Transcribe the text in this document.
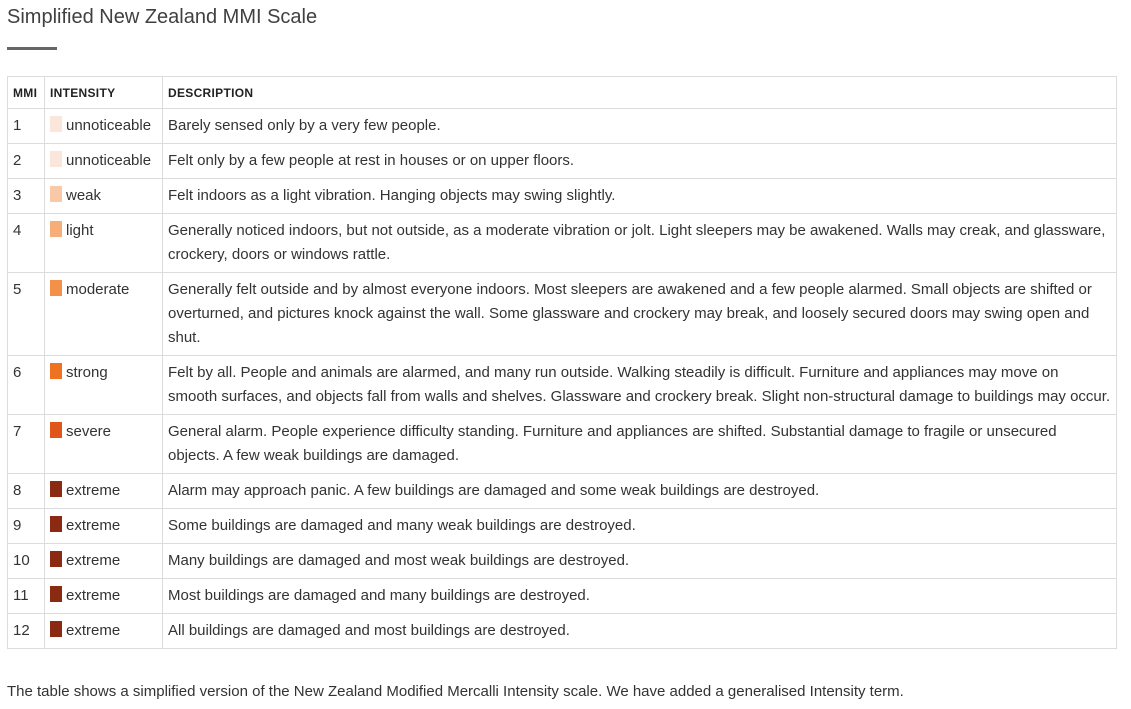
Simplified New Zealand MMI Scale
MMI	INTENSITY	DESCRIPTION
1	unnoticeable	Barely sensed only by a very few people.
2	unnoticeable	Felt only by a few people at rest in houses or on upper floors.
3	weak	Felt indoors as a light vibration. Hanging objects may swing slightly.
4	light	Generally noticed indoors, but not outside, as a moderate vibration or jolt. Light sleepers may be awakened. Walls may creak, and glassware, crockery, doors or windows rattle.
5	moderate	Generally felt outside and by almost everyone indoors. Most sleepers are awakened and a few people alarmed. Small objects are shifted or overturned, and pictures knock against the wall. Some glassware and crockery may break, and loosely secured doors may swing open and shut.
6	strong	Felt by all. People and animals are alarmed, and many run outside. Walking steadily is difficult. Furniture and appliances may move on smooth surfaces, and objects fall from walls and shelves. Glassware and crockery break. Slight non-structural damage to buildings may occur.
7	severe	General alarm. People experience difficulty standing. Furniture and appliances are shifted. Substantial damage to fragile or unsecured objects. A few weak buildings are damaged.
8	extreme	Alarm may approach panic. A few buildings are damaged and some weak buildings are destroyed.
9	extreme	Some buildings are damaged and many weak buildings are destroyed.
10	extreme	Many buildings are damaged and most weak buildings are destroyed.
11	extreme	Most buildings are damaged and many buildings are destroyed.
12	extreme	All buildings are damaged and most buildings are destroyed.

The table shows a simplified version of the New Zealand Modified Mercalli Intensity scale. We have added a generalised Intensity term.
